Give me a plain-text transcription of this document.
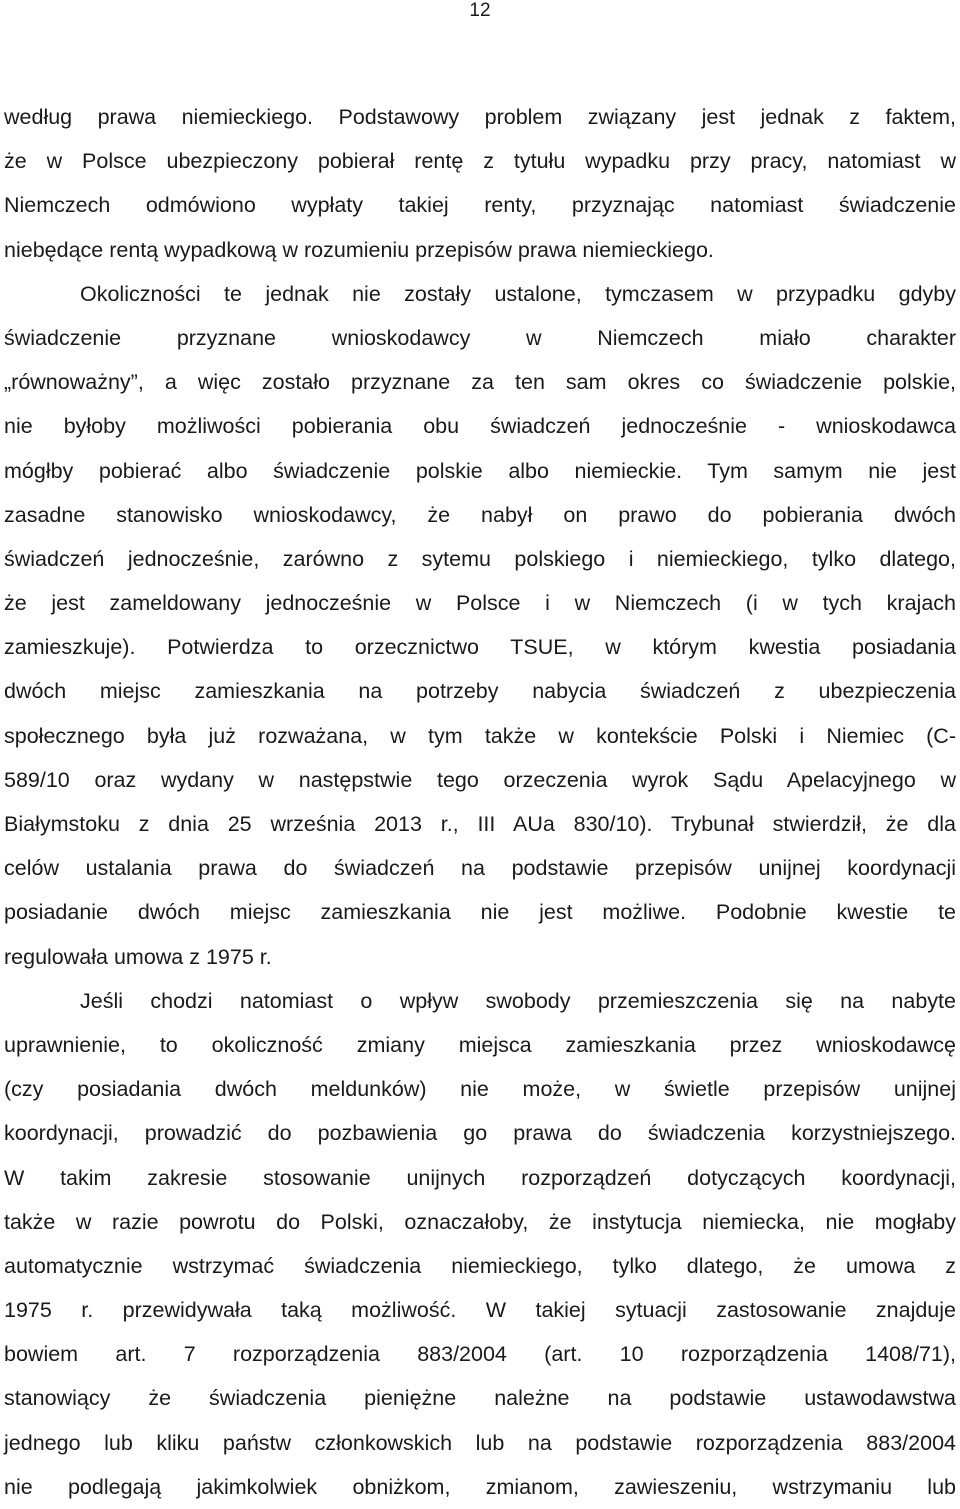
12
według prawa niemieckiego. Podstawowy problem związany jest jednak z faktem,
że w Polsce ubezpieczony pobierał rentę z tytułu wypadku przy pracy, natomiast w
Niemczech odmówiono wypłaty takiej renty, przyznając natomiast świadczenie
niebędące rentą wypadkową w rozumieniu przepisów prawa niemieckiego.
Okoliczności te jednak nie zostały ustalone, tymczasem w przypadku gdyby
świadczenie przyznane wnioskodawcy w Niemczech miało charakter
„równoważny”, a więc zostało przyznane za ten sam okres co świadczenie polskie,
nie byłoby możliwości pobierania obu świadczeń jednocześnie - wnioskodawca
mógłby pobierać albo świadczenie polskie albo niemieckie. Tym samym nie jest
zasadne stanowisko wnioskodawcy, że nabył on prawo do pobierania dwóch
świadczeń jednocześnie, zarówno z sytemu polskiego i niemieckiego, tylko dlatego,
że jest zameldowany jednocześnie w Polsce i w Niemczech (i w tych krajach
zamieszkuje). Potwierdza to orzecznictwo TSUE, w którym kwestia posiadania
dwóch miejsc zamieszkania na potrzeby nabycia świadczeń z ubezpieczenia
społecznego była już rozważana, w tym także w kontekście Polski i Niemiec (C-
589/10 oraz wydany w następstwie tego orzeczenia wyrok Sądu Apelacyjnego w
Białymstoku z dnia 25 września 2013 r., III AUa 830/10). Trybunał stwierdził, że dla
celów ustalania prawa do świadczeń na podstawie przepisów unijnej koordynacji
posiadanie dwóch miejsc zamieszkania nie jest możliwe. Podobnie kwestie te
regulowała umowa z 1975 r.
Jeśli chodzi natomiast o wpływ swobody przemieszczenia się na nabyte
uprawnienie, to okoliczność zmiany miejsca zamieszkania przez wnioskodawcę
(czy posiadania dwóch meldunków) nie może, w świetle przepisów unijnej
koordynacji, prowadzić do pozbawienia go prawa do świadczenia korzystniejszego.
W takim zakresie stosowanie unijnych rozporządzeń dotyczących koordynacji,
także w razie powrotu do Polski, oznaczałoby, że instytucja niemiecka, nie mogłaby
automatycznie wstrzymać świadczenia niemieckiego, tylko dlatego, że umowa z
1975 r. przewidywała taką możliwość. W takiej sytuacji zastosowanie znajduje
bowiem art. 7 rozporządzenia 883/2004 (art. 10 rozporządzenia 1408/71),
stanowiący że świadczenia pieniężne należne na podstawie ustawodawstwa
jednego lub kliku państw członkowskich lub na podstawie rozporządzenia 883/2004
nie podlegają jakimkolwiek obniżkom, zmianom, zawieszeniu, wstrzymaniu lub
